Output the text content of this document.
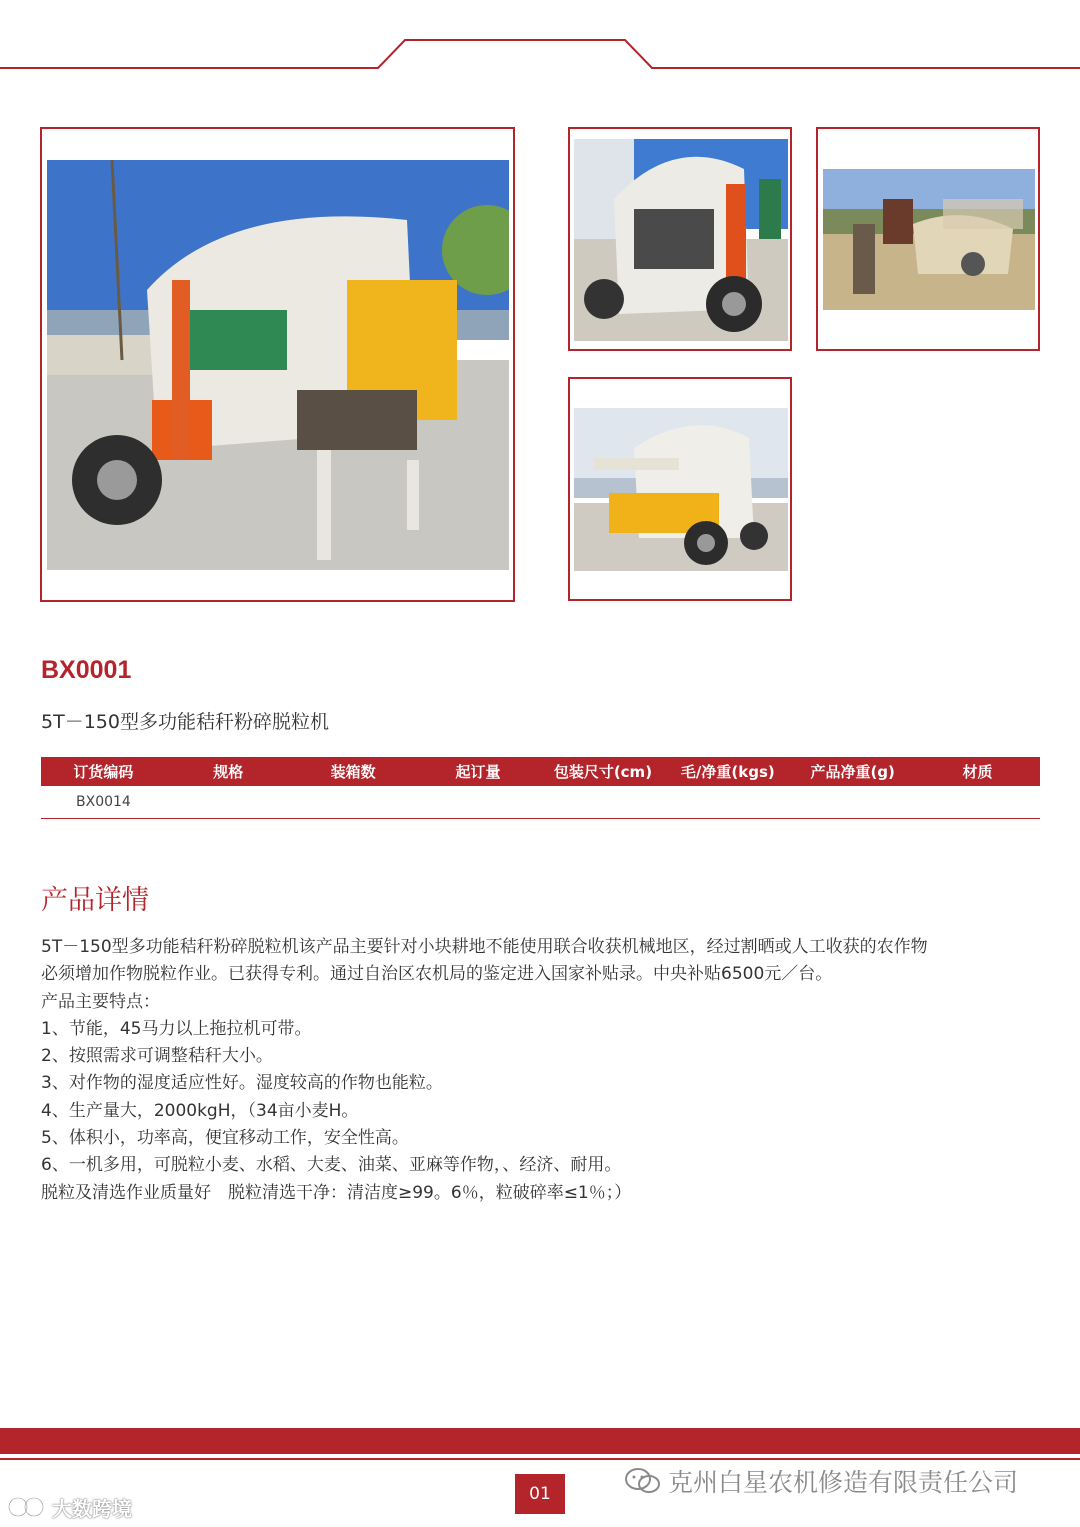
BX0001
5T－150型多功能秸秆粉碎脱粒机
订货编码	规格	装箱数	起订量	包装尺寸(cm)	毛/净重(kgs)	产品净重(g)	材质
BX0014
产品详情

5T－150型多功能秸秆粉碎脱粒机该产品主要针对小块耕地不能使用联合收获机械地区，经过割晒或人工收获的农作物

必须增加作物脱粒作业。已获得专利。通过自治区农机局的鉴定进入国家补贴录。中央补贴6500元／台。

产品主要特点：

1、节能，45马力以上拖拉机可带。

2、按照需求可调整秸秆大小。

3、对作物的湿度适应性好。湿度较高的作物也能粒。

4、生产量大，2000kgH，（34亩小麦H。

5、体积小，功率高，便宜移动工作，安全性高。

6、一机多用，可脱粒小麦、水稻、大麦、油菜、亚麻等作物，、经济、耐用。

脱粒及清选作业质量好　脱粒清选干净：清洁度≥99。6％，粒破碎率≤1％；）

01	克州白星农机修造有限责任公司
大数跨境
